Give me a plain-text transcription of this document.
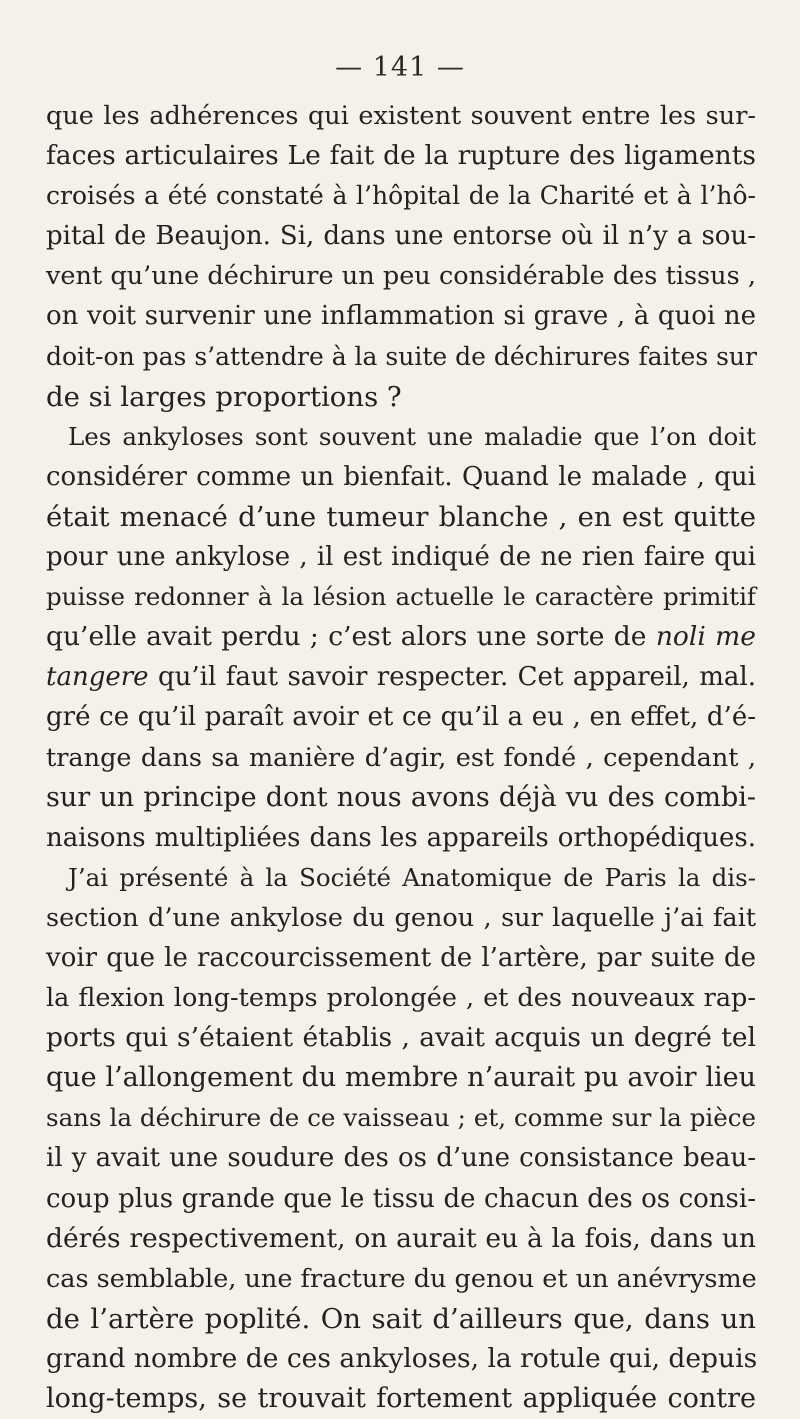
— 141 —
que les adhérences qui existent souvent entre les sur-
faces articulaires Le fait de la rupture des ligaments
croisés a été constaté à l’hôpital de la Charité et à l’hô-
pital de Beaujon. Si, dans une entorse où il n’y a sou-
vent qu’une déchirure un peu considérable des tissus ,
on voit survenir une inflammation si grave , à quoi ne
doit-on pas s’attendre à la suite de déchirures faites sur
de si larges proportions ?
Les ankyloses sont souvent une maladie que l’on doit
considérer comme un bienfait. Quand le malade , qui
était menacé d’une tumeur blanche , en est quitte
pour une ankylose , il est indiqué de ne rien faire qui
puisse redonner à la lésion actuelle le caractère primitif
qu’elle avait perdu ; c’est alors une sorte de noli me
tangere qu’il faut savoir respecter. Cet appareil, mal.
gré ce qu’il paraît avoir et ce qu’il a eu , en effet, d’é-
trange dans sa manière d’agir, est fondé , cependant ,
sur un principe dont nous avons déjà vu des combi-
naisons multipliées dans les appareils orthopédiques.
J’ai présenté à la Société Anatomique de Paris la dis-
section d’une ankylose du genou , sur laquelle j’ai fait
voir que le raccourcissement de l’artère, par suite de
la flexion long-temps prolongée , et des nouveaux rap-
ports qui s’étaient établis , avait acquis un degré tel
que l’allongement du membre n’aurait pu avoir lieu
sans la déchirure de ce vaisseau ; et, comme sur la pièce
il y avait une soudure des os d’une consistance beau-
coup plus grande que le tissu de chacun des os consi-
dérés respectivement, on aurait eu à la fois, dans un
cas semblable, une fracture du genou et un anévrysme
de l’artère poplité. On sait d’ailleurs que, dans un
grand nombre de ces ankyloses, la rotule qui, depuis
long-temps, se trouvait fortement appliquée contre
